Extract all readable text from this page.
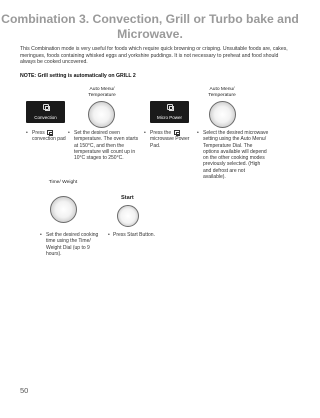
Combination 3. Convection, Grill or Turbo bake and Microwave.
This Combination mode is very useful for foods which require quick browning or crisping. Unsuitable foods are, cakes, meringues, foods containing whisked eggs and yorkshire puddings. It is not necessary to preheat and food should always be cooked uncovered.
NOTE: Grill setting is automatically on GRILL 2
Convection
Auto Menu/ Temperature
Micro Power
Auto Menu/ Temperature
• Press
convection pad
• Set the desired oven temperature. The oven starts at 150°C, and then the temperature will count up in 10°C stages to 250°C.
• Press the
microwave Power Pad.
• Select the desired microwave setting using the Auto Menu/ Temperature Dial. The options available will depend on the other cooking modes previously selected. (High and defrost are not available).
Time/ Weight
Start
• Set the desired cooking time using the Time/ Weight Dial (up to 9 hours).
• Press Start Button.
50
